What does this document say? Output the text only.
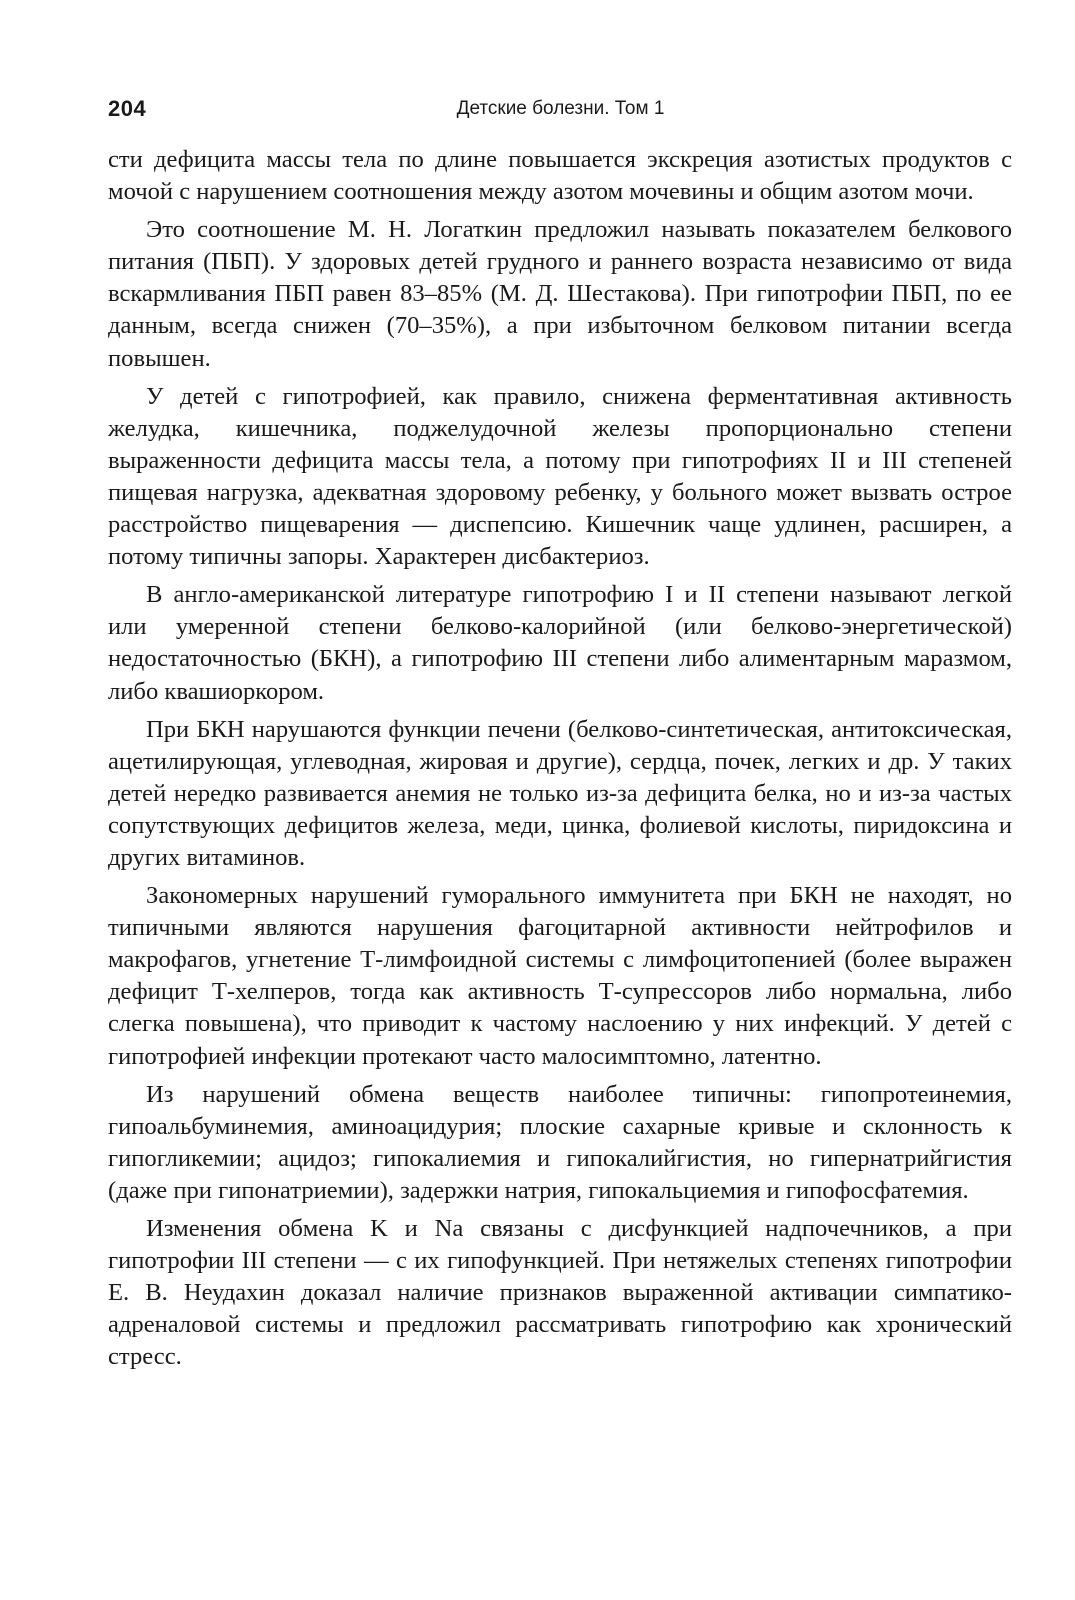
204	Детские болезни. Том 1

сти дефицита массы тела по длине повышается экскреция азотистых продуктов с мочой с нарушением соотношения между азотом мочевины и общим азотом мочи.

Это соотношение М. Н. Логаткин предложил называть показателем белкового питания (ПБП). У здоровых детей грудного и раннего возраста независимо от вида вскармливания ПБП равен 83–85% (М. Д. Шестакова). При гипотрофии ПБП, по ее данным, всегда снижен (70–35%), а при избыточном белковом питании всегда повышен.

У детей с гипотрофией, как правило, снижена ферментативная активность желудка, кишечника, поджелудочной железы пропорционально степени выраженности дефицита массы тела, а потому при гипотрофиях II и III степеней пищевая нагрузка, адекватная здоровому ребенку, у больного может вызвать острое расстройство пищеварения — диспепсию. Кишечник чаще удлинен, расширен, а потому типичны запоры. Характерен дисбактериоз.

В англо-американской литературе гипотрофию I и II степени называют легкой или умеренной степени белково-калорийной (или белково-энергетической) недостаточностью (БКН), а гипотрофию III степени либо алиментарным маразмом, либо квашиоркором.

При БКН нарушаются функции печени (белково-синтетическая, антитоксическая, ацетилирующая, углеводная, жировая и другие), сердца, почек, легких и др. У таких детей нередко развивается анемия не только из-за дефицита белка, но и из-за частых сопутствующих дефицитов железа, меди, цинка, фолиевой кислоты, пиридоксина и других витаминов.

Закономерных нарушений гуморального иммунитета при БКН не находят, но типичными являются нарушения фагоцитарной активности нейтрофилов и макрофагов, угнетение Т-лимфоидной системы с лимфоцитопенией (более выражен дефицит Т-хелперов, тогда как активность Т-супрессоров либо нормальна, либо слегка повышена), что приводит к частому наслоению у них инфекций. У детей с гипотрофией инфекции протекают часто малосимптомно, латентно.

Из нарушений обмена веществ наиболее типичны: гипопротеинемия, гипоальбуминемия, аминоацидурия; плоские сахарные кривые и склонность к гипогликемии; ацидоз; гипокалиемия и гипокалийгистия, но гипернатрийгистия (даже при гипонатриемии), задержки натрия, гипокальциемия и гипофосфатемия.

Изменения обмена K и Na связаны с дисфункцией надпочечников, а при гипотрофии III степени — с их гипофункцией. При нетяжелых степенях гипотрофии Е. В. Неудахин доказал наличие признаков выраженной активации симпатико-адреналовой системы и предложил рассматривать гипотрофию как хронический стресс.
